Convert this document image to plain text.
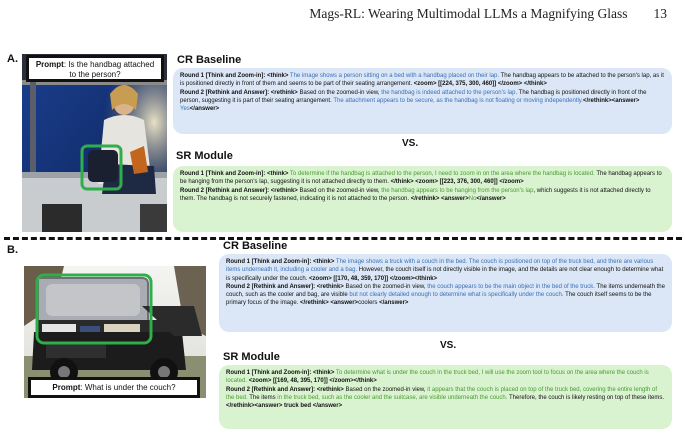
Mags-RL: Wearing Multimodal LLMs a Magnifying Glass 13
A.	Prompt: Is the handbag attached to the person?
CR Baseline

Round 1 [Think and Zoom-in]: <think> The image shows a person sitting on a bed with a handbag placed on their lap. The handbag appears to be attached to the person's lap, as it is positioned directly in front of them and seems to be part of their seating arrangement. <zoom> [[224, 375, 300, 460]] </zoom> </think>

Round 2 [Rethink and Answer]: <rethink> Based on the zoomed-in view, the handbag is indeed attached to the person's lap. The handbag is positioned directly in front of the person, suggesting it is part of their seating arrangement. The attachment appears to be secure, as the handbag is not floating or moving independently.</rethink><answer> Yes</answer>

VS.
SR Module

Round 1 [Think and Zoom-in]: <think> To determine if the handbag is attached to the person, I need to zoom in on the area where the handbag is located. The handbag appears to be hanging from the person's lap, suggesting it is not attached directly to them. </think> <zoom> [[223, 376, 300, 460]] </zoom>

Round 2 [Rethink and Answer]: <rethink> Based on the zoomed-in view, the handbag appears to be hanging from the person's lap, which suggests it is not attached directly to them. The handbag is not securely fastened, indicating it is not attached to the person. </rethink> <answer>No</answer>

B.
Prompt: What is under the couch?
CR Baseline

Round 1 [Think and Zoom-in]: <think> The image shows a truck with a couch in the bed. The couch is positioned on top of the truck bed, and there are various items underneath it, including a cooler and a bag. However, the couch itself is not directly visible in the image, and the details are not clear enough to determine what is specifically under the couch. <zoom> [[170, 48, 359, 170]] </zoom></think>

Round 2 [Rethink and Answer]: <rethink> Based on the zoomed-in view, the couch appears to be the main object in the bed of the truck. The items underneath the couch, such as the cooler and bag, are visible but not clearly detailed enough to determine what is specifically under the couch. The couch itself seems to be the primary focus of the image. </rethink> <answer>coolers </answer>

VS.
SR Module

Round 1 [Think and Zoom-in]: <think> To determine what is under the couch in the truck bed, I will use the zoom tool to focus on the area where the couch is located. <zoom> [[169, 48, 395, 170]] </zoom></think>

Round 2 [Rethink and Answer]: <rethink> Based on the zoomed-in view, it appears that the couch is placed on top of the truck bed, covering the entire length of the bed. The items in the truck bed, such as the cooler and the suitcase, are visible underneath the couch. Therefore, the couch is likely resting on top of these items. </rethink><answer> truck bed </answer>
